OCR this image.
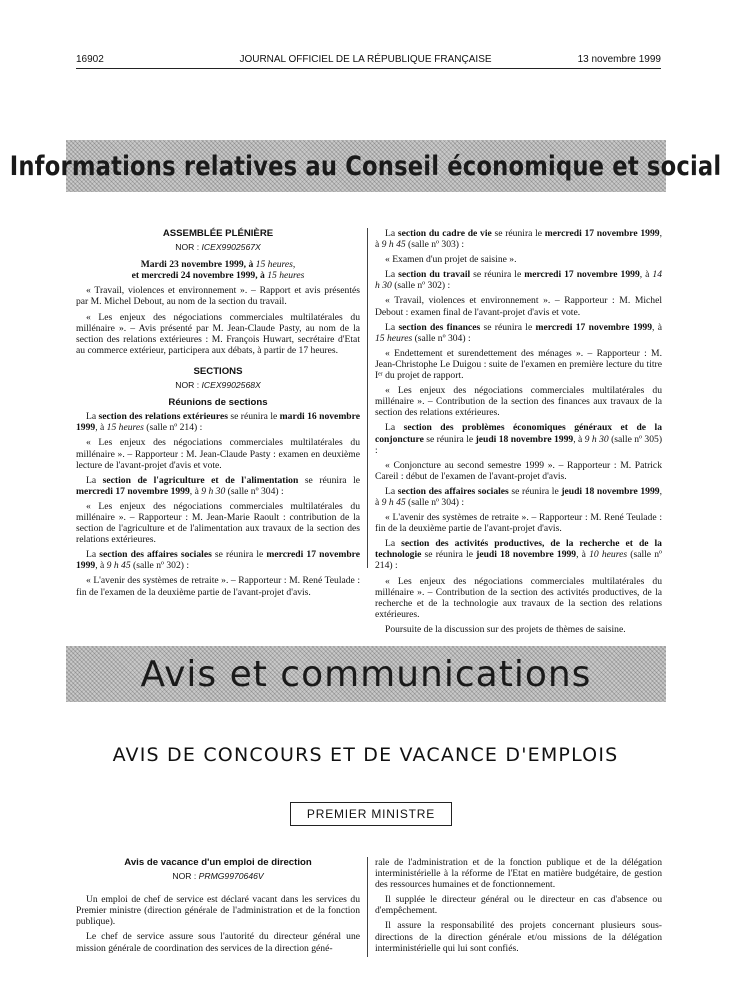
16902	JOURNAL OFFICIEL DE LA RÉPUBLIQUE FRANÇAISE	13 novembre 1999
Informations relatives au Conseil économique et social
ASSEMBLÉE PLÉNIÈRE
NOR : ICEX9902567X

Mardi 23 novembre 1999, à 15 heures,

et mercredi 24 novembre 1999, à 15 heures

« Travail, violences et environnement ». – Rapport et avis présentés par M. Michel Debout, au nom de la section du travail.

« Les enjeux des négociations commerciales multilatérales du millénaire ». – Avis présenté par M. Jean-Claude Pasty, au nom de la section des relations extérieures : M. François Huwart, secrétaire d'Etat au commerce extérieur, participera aux débats, à partir de 17 heures.

SECTIONS
NOR : ICEX9902568X
Réunions de sections

La section des relations extérieures se réunira le mardi 16 novembre 1999, à 15 heures (salle nº 214) :

« Les enjeux des négociations commerciales multilatérales du millénaire ». – Rapporteur : M. Jean-Claude Pasty : examen en deuxième lecture de l'avant-projet d'avis et vote.

La section de l'agriculture et de l'alimentation se réunira le mercredi 17 novembre 1999, à 9 h 30 (salle nº 304) :

« Les enjeux des négociations commerciales multilatérales du millénaire ». – Rapporteur : M. Jean-Marie Raoult : contribution de la section de l'agriculture et de l'alimentation aux travaux de la section des relations extérieures.

La section des affaires sociales se réunira le mercredi 17 novembre 1999, à 9 h 45 (salle nº 302) :

« L'avenir des systèmes de retraite ». – Rapporteur : M. René Teulade : fin de l'examen de la deuxième partie de l'avant-projet d'avis.

La section du cadre de vie se réunira le mercredi 17 novembre 1999, à 9 h 45 (salle nº 303) :

« Examen d'un projet de saisine ».

La section du travail se réunira le mercredi 17 novembre 1999, à 14 h 30 (salle nº 302) :

« Travail, violences et environnement ». – Rapporteur : M. Michel Debout : examen final de l'avant-projet d'avis et vote.

La section des finances se réunira le mercredi 17 novembre 1999, à 15 heures (salle nº 304) :

« Endettement et surendettement des ménages ». – Rapporteur : M. Jean-Christophe Le Duigou : suite de l'examen en première lecture du titre Iᵉʳ du projet de rapport.

« Les enjeux des négociations commerciales multilatérales du millénaire ». – Contribution de la section des finances aux travaux de la section des relations extérieures.

La section des problèmes économiques généraux et de la conjoncture se réunira le jeudi 18 novembre 1999, à 9 h 30 (salle nº 305) :

« Conjoncture au second semestre 1999 ». – Rapporteur : M. Patrick Careil : début de l'examen de l'avant-projet d'avis.

La section des affaires sociales se réunira le jeudi 18 novembre 1999, à 9 h 45 (salle nº 304) :

« L'avenir des systèmes de retraite ». – Rapporteur : M. René Teulade : fin de la deuxième partie de l'avant-projet d'avis.

La section des activités productives, de la recherche et de la technologie se réunira le jeudi 18 novembre 1999, à 10 heures (salle nº 214) :

« Les enjeux des négociations commerciales multilatérales du millénaire ». – Contribution de la section des activités productives, de la recherche et de la technologie aux travaux de la section des relations extérieures.

Poursuite de la discussion sur des projets de thèmes de saisine.

Avis et communications
AVIS DE CONCOURS ET DE VACANCE D'EMPLOIS
PREMIER MINISTRE
Avis de vacance d'un emploi de direction
NOR : PRMG9970646V

Un emploi de chef de service est déclaré vacant dans les services du Premier ministre (direction générale de l'administration et de la fonction publique).

Le chef de service assure sous l'autorité du directeur général une mission générale de coordination des services de la direction géné-

rale de l'administration et de la fonction publique et de la délégation interministérielle à la réforme de l'Etat en matière budgétaire, de gestion des ressources humaines et de fonctionnement.

Il supplée le directeur général ou le directeur en cas d'absence ou d'empêchement.

Il assure la responsabilité des projets concernant plusieurs sous-directions de la direction générale et/ou missions de la délégation interministérielle qui lui sont confiés.
